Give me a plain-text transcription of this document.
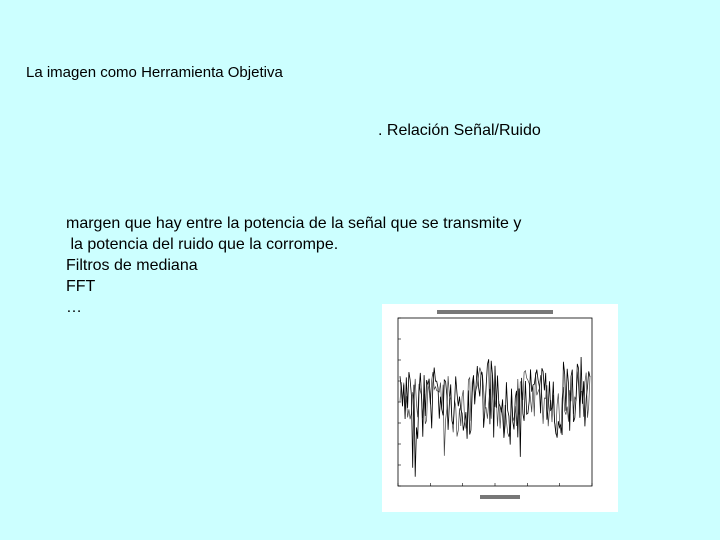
La imagen como Herramienta Objetiva
. Relación Señal/Ruido
margen que hay entre la potencia de la señal que se transmite y
la potencia del ruido que la corrompe.
Filtros de mediana
FFT
…
